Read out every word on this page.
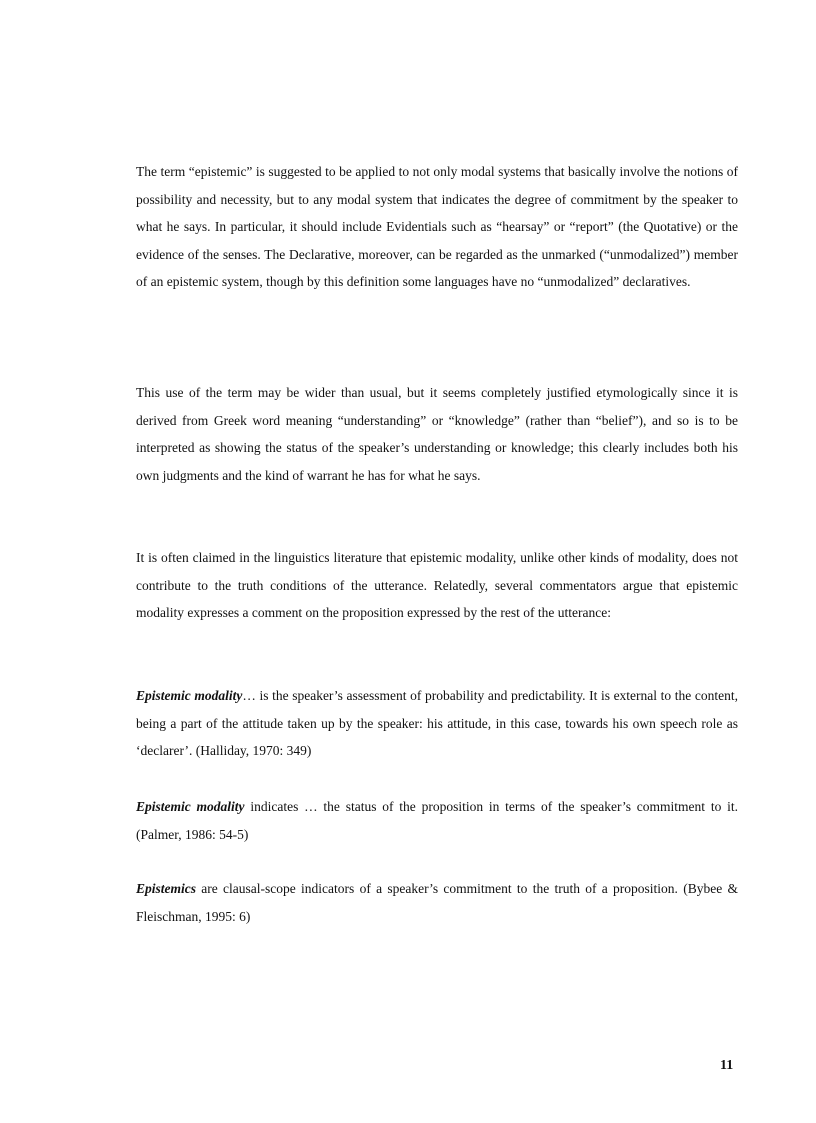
The term “epistemic” is suggested to be applied to not only modal systems that basically involve the notions of possibility and necessity, but to any modal system that indicates the degree of commitment by the speaker to what he says. In particular, it should include Evidentials such as “hearsay” or “report” (the Quotative) or the evidence of the senses. The Declarative, moreover, can be regarded as the unmarked (“unmodalized”) member of an epistemic system, though by this definition some languages have no “unmodalized” declaratives.

This use of the term may be wider than usual, but it seems completely justified etymologically since it is derived from Greek word meaning “understanding” or “knowledge” (rather than “belief”), and so is to be interpreted as showing the status of the speaker’s understanding or knowledge; this clearly includes both his own judgments and the kind of warrant he has for what he says.

It is often claimed in the linguistics literature that epistemic modality, unlike other kinds of modality, does not contribute to the truth conditions of the utterance. Relatedly, several commentators argue that epistemic modality expresses a comment on the proposition expressed by the rest of the utterance:

Epistemic modality… is the speaker’s assessment of probability and predictability. It is external to the content, being a part of the attitude taken up by the speaker: his attitude, in this case, towards his own speech role as ‘declarer’. (Halliday, 1970: 349)

Epistemic modality indicates … the status of the proposition in terms of the speaker’s commitment to it. (Palmer, 1986: 54-5)

Epistemics are clausal-scope indicators of a speaker’s commitment to the truth of a proposition. (Bybee & Fleischman, 1995: 6)

11
